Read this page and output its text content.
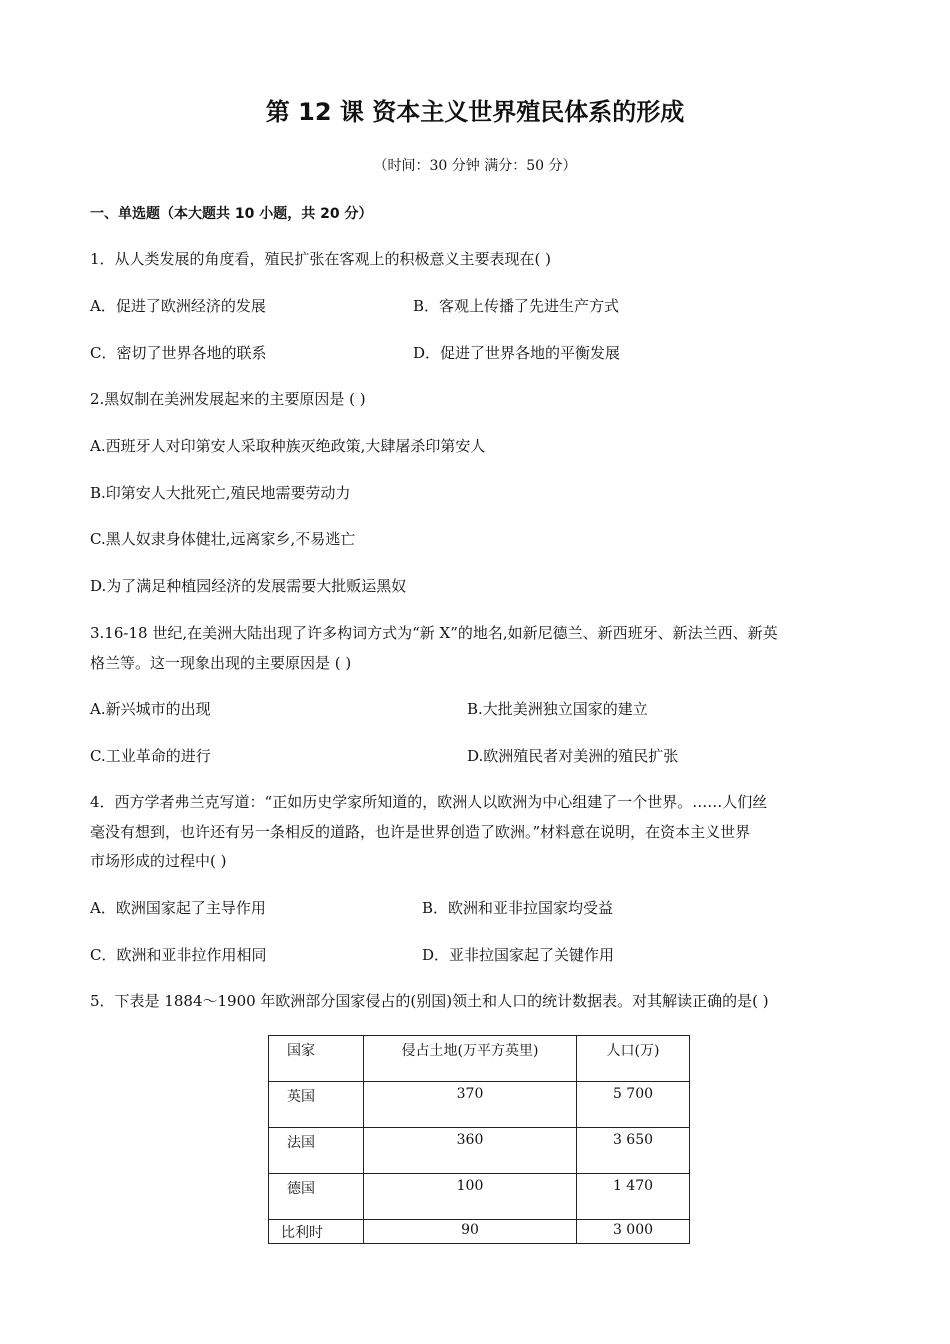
第 12 课 资本主义世界殖民体系的形成
（时间：30 分钟 满分：50 分）
一、单选题（本大题共 10 小题，共 20 分）
1．从人类发展的角度看，殖民扩张在客观上的积极意义主要表现在( )
A．促进了欧洲经济的发展	B．客观上传播了先进生产方式
C．密切了世界各地的联系	D．促进了世界各地的平衡发展
2.黑奴制在美洲发展起来的主要原因是 ( )
A.西班牙人对印第安人采取种族灭绝政策,大肆屠杀印第安人
B.印第安人大批死亡,殖民地需要劳动力
C.黑人奴隶身体健壮,远离家乡,不易逃亡
D.为了满足种植园经济的发展需要大批贩运黑奴
3.16-18 世纪,在美洲大陆出现了许多构词方式为“新 X”的地名,如新尼德兰、新西班牙、新法兰西、新英
格兰等。这一现象出现的主要原因是 ( )
A.新兴城市的出现	B.大批美洲独立国家的建立
C.工业革命的进行	D.欧洲殖民者对美洲的殖民扩张
4．西方学者弗兰克写道：“正如历史学家所知道的，欧洲人以欧洲为中心组建了一个世界。……人们丝
毫没有想到，也许还有另一条相反的道路，也许是世界创造了欧洲。”材料意在说明，在资本主义世界
市场形成的过程中( )
A．欧洲国家起了主导作用	B．欧洲和亚非拉国家均受益
C．欧洲和亚非拉作用相同	D．亚非拉国家起了关键作用
5．下表是 1884～1900 年欧洲部分国家侵占的(别国)领土和人口的统计数据表。对其解读正确的是( )
国家	侵占土地(万平方英里)	人口(万)
英国	370	5 700
法国	360	3 650
德国	100	1 470
比利时	90	3 000
